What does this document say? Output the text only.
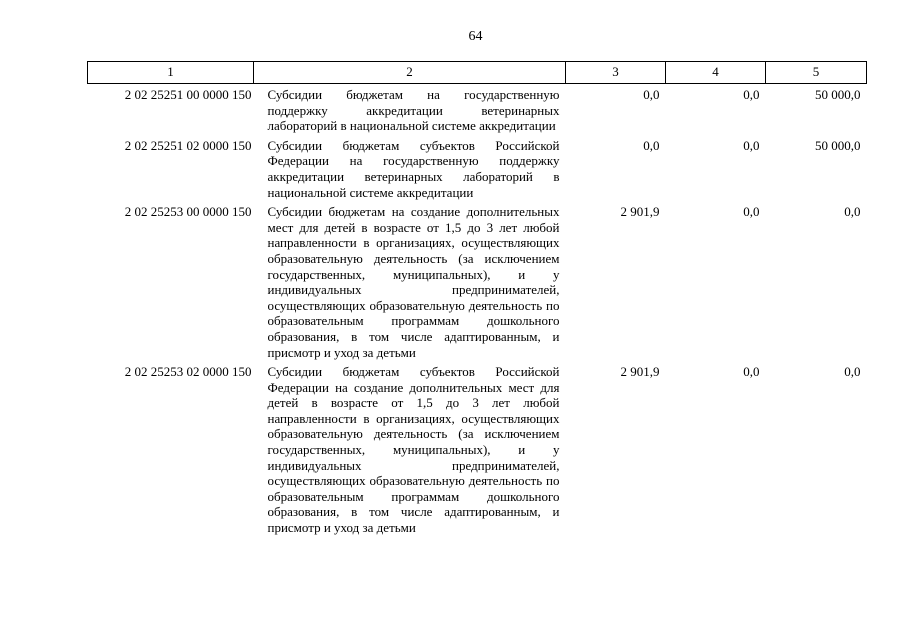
64
1	2	3	4	5
2 02 25251 00 0000 150	Субсидии бюджетам на государственную поддержку аккредитации ветеринарных лабораторий в национальной системе аккредитации	0,0	0,0	50 000,0
2 02 25251 02 0000 150	Субсидии бюджетам субъектов Российской Федерации на государственную поддержку аккредитации ветеринарных лабораторий в национальной системе аккредитации	0,0	0,0	50 000,0
2 02 25253 00 0000 150	Субсидии бюджетам на создание дополнительных мест для детей в возрасте от 1,5 до 3 лет любой направленности в организациях, осуществляющих образовательную деятельность (за исключением государственных, муниципальных), и у индивидуальных предпринимателей, осуществляющих образовательную деятельность по образовательным программам дошкольного образования, в том числе адаптированным, и присмотр и уход за детьми	2 901,9	0,0	0,0
2 02 25253 02 0000 150	Субсидии бюджетам субъектов Российской Федерации на создание дополнительных мест для детей в возрасте от 1,5 до 3 лет любой направленности в организациях, осуществляющих образовательную деятельность (за исключением государственных, муниципальных), и у индивидуальных предпринимателей, осуществляющих образовательную деятельность по образовательным программам дошкольного образования, в том числе адаптированным, и присмотр и уход за детьми	2 901,9	0,0	0,0
